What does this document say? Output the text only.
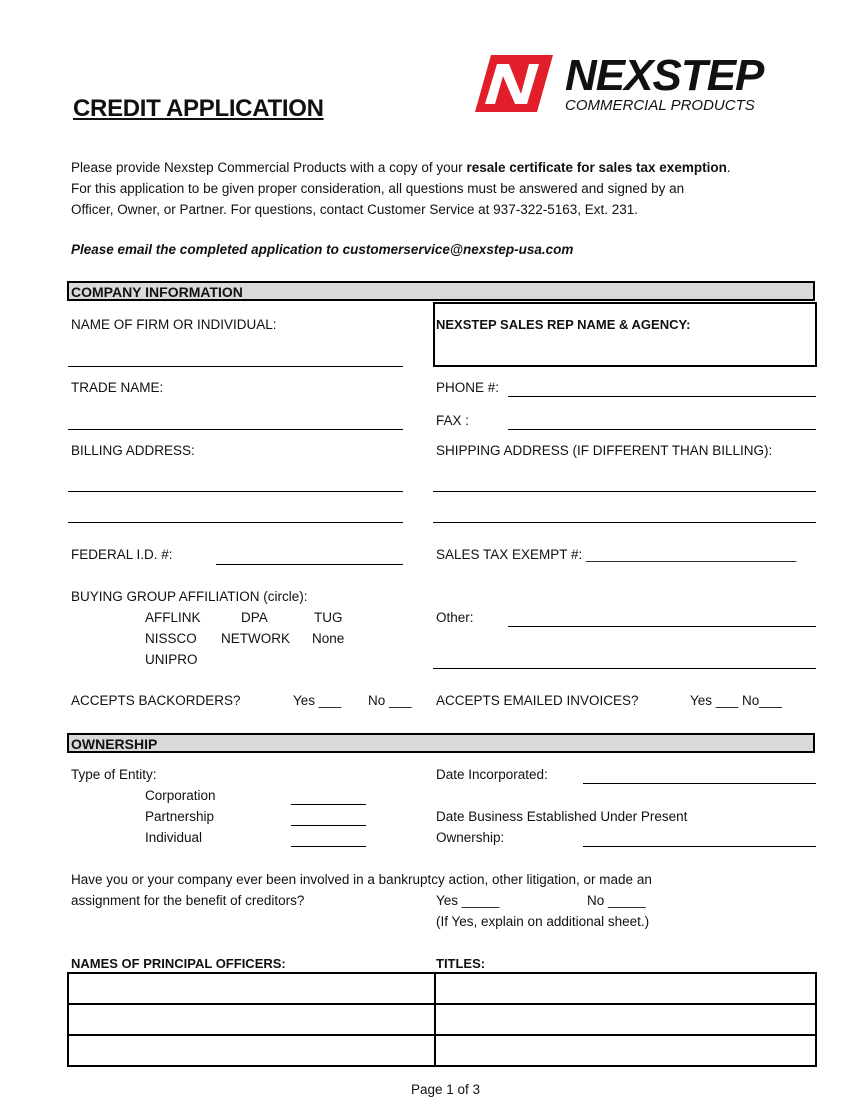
NEXSTEP
COMMERCIAL PRODUCTS
CREDIT APPLICATION
Please provide Nexstep Commercial Products with a copy of your resale certificate for sales tax exemption.
For this application to be given proper consideration, all questions must be answered and signed by an
Officer, Owner, or Partner. For questions, contact Customer Service at 937-322-5163, Ext. 231.
Please email the completed application to customerservice@nexstep-usa.com
COMPANY INFORMATION
NAME OF FIRM OR INDIVIDUAL:	NEXSTEP SALES REP NAME & AGENCY:
TRADE NAME:	PHONE #:
FAX :
BILLING ADDRESS:	SHIPPING ADDRESS (IF DIFFERENT THAN BILLING):
FEDERAL I.D. #:	SALES TAX EXEMPT #: ____________________________
BUYING GROUP AFFILIATION (circle):
AFFLINK	DPA	TUG
NISSCO NETWORK None
UNIPRO
Other:
ACCEPTS BACKORDERS?	Yes ___ No ___ ACCEPTS EMAILED INVOICES?	Yes ___ No___
OWNERSHIP
Type of Entity:
Corporation
Partnership
Individual
Date Incorporated:
Date Business Established Under Present
Ownership:
Have you or your company ever been involved in a bankruptcy action, other litigation, or made an
assignment for the benefit of creditors?	Yes _____	No _____
(If Yes, explain on additional sheet.)
NAMES OF PRINCIPAL OFFICERS:	TITLES:
Page 1 of 3
